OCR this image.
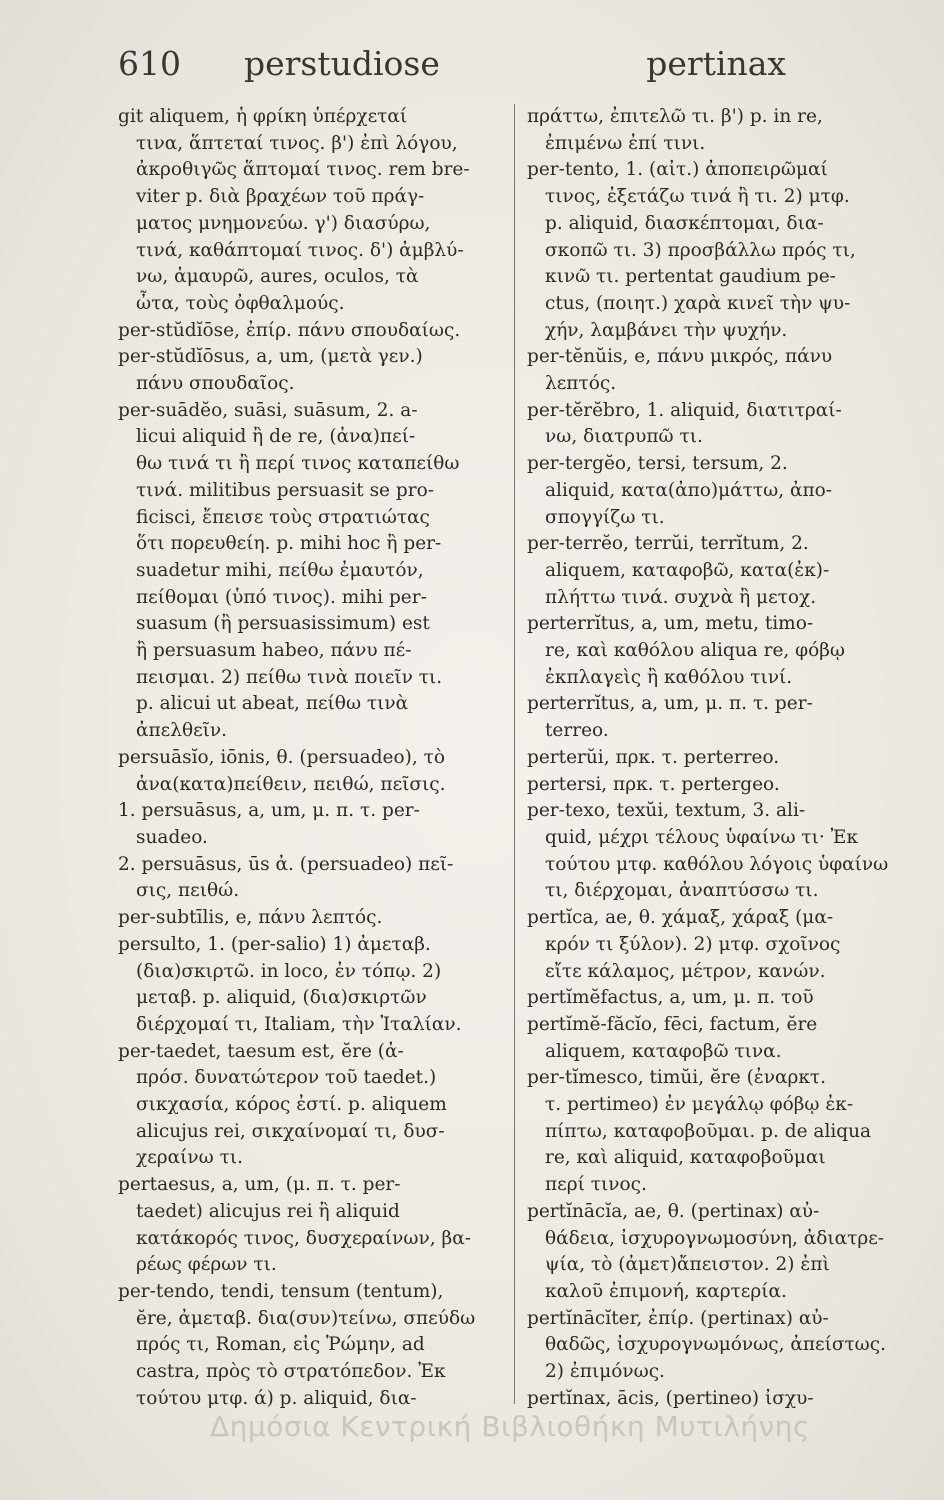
610 perstudiose	pertinax
git aliquem, ἡ φρίκη ὑπέρχεταί
τινα, ἅπτεταί τινος. β') ἐπὶ λόγου,
ἀκροθιγῶς ἅπτομαί τινος. rem bre-
viter p. διὰ βραχέων τοῦ πράγ-
ματος μνημονεύω. γ') διασύρω,
τινά, καθάπτομαί τινος. δ') ἀμβλύ-
νω, ἀμαυρῶ, aures, oculos, τὰ
ὦτα, τοὺς ὀφθαλμούς.
per-stŭdĭōse, ἐπίρ. πάνυ σπουδαίως.
per-stŭdĭōsus, a, um, (μετὰ γεν.)
πάνυ σπουδαῖος.
per-suādĕo, suāsi, suāsum, 2. a-
licui aliquid ἢ de re, (ἀνα)πεί-
θω τινά τι ἢ περί τινος καταπείθω
τινά. militibus persuasit se pro-
ficisci, ἔπεισε τοὺς στρατιώτας
ὅτι πορευθείη. p. mihi hoc ἢ per-
suadetur mihi, πείθω ἐμαυτόν,
πείθομαι (ὑπό τινος). mihi per-
suasum (ἢ persuasissimum) est
ἢ persuasum habeo, πάνυ πέ-
πεισμαι. 2) πείθω τινὰ ποιεῖν τι.
p. alicui ut abeat, πείθω τινὰ
ἀπελθεῖν.
persuāsĭo, iōnis, θ. (persuadeo), τὸ
ἀνα(κατα)πείθειν, πειθώ, πεῖσις.
1. persuāsus, a, um, μ. π. τ. per-
suadeo.
2. persuāsus, ūs ἀ. (persuadeo) πεῖ-
σις, πειθώ.
per-subtīlis, e, πάνυ λεπτός.
persulto, 1. (per-salio) 1) ἀμεταβ.
(δια)σκιρτῶ. in loco, ἐν τόπῳ. 2)
μεταβ. p. aliquid, (δια)σκιρτῶν
διέρχομαί τι, Italiam, τὴν Ἰταλίαν.
per-taedet, taesum est, ĕre (ἀ-
πρόσ. δυνατώτερον τοῦ taedet.)
σικχασία, κόρος ἐστί. p. aliquem
alicujus rei, σικχαίνομαί τι, δυσ-
χεραίνω τι.
pertaesus, a, um, (μ. π. τ. per-
taedet) alicujus rei ἢ aliquid
κατάκορός τινος, δυσχεραίνων, βα-
ρέως φέρων τι.
per-tendo, tendi, tensum (tentum),
ĕre, ἀμεταβ. δια(συν)τείνω, σπεύδω
πρός τι, Roman, εἰς Ῥώμην, ad
castra, πρὸς τὸ στρατόπεδον. Ἐκ
τούτου μτφ. ά) p. aliquid, δια-
πράττω, ἐπιτελῶ τι. β') p. in re,
ἐπιμένω ἐπί τινι.
per-tento, 1. (αἰτ.) ἀποπειρῶμαί
τινος, ἐξετάζω τινά ἢ τι. 2) μτφ.
p. aliquid, διασκέπτομαι, δια-
σκοπῶ τι. 3) προσβάλλω πρός τι,
κινῶ τι. pertentat gaudium pe-
ctus, (ποιητ.) χαρὰ κινεῖ τὴν ψυ-
χήν, λαμβάνει τὴν ψυχήν.
per-tĕnŭis, e, πάνυ μικρός, πάνυ
λεπτός.
per-tĕrĕbro, 1. aliquid, διατιτραί-
νω, διατρυπῶ τι.
per-tergĕo, tersi, tersum, 2.
aliquid, κατα(ἀπο)μάττω, ἀπο-
σπογγίζω τι.
per-terrĕo, terrŭi, terrĭtum, 2.
aliquem, καταφοβῶ, κατα(ἐκ)-
πλήττω τινά. συχνὰ ἢ μετοχ.
perterrĭtus, a, um, metu, timo-
re, καὶ καθόλου aliqua re, φόβῳ
ἐκπλαγεὶς ἢ καθόλου τινί.
perterrĭtus, a, um, μ. π. τ. per-
terreo.
perterŭi, πρκ. τ. perterreo.
pertersi, πρκ. τ. pertergeo.
per-texo, texŭi, textum, 3. ali-
quid, μέχρι τέλους ὑφαίνω τι· Ἐκ
τούτου μτφ. καθόλου λόγοις ὑφαίνω
τι, διέρχομαι, ἀναπτύσσω τι.
pertĭca, ae, θ. χάμαξ, χάραξ (μα-
κρόν τι ξύλον). 2) μτφ. σχοῖνος
εἴτε κάλαμος, μέτρον, κανών.
pertĭmĕfactus, a, um, μ. π. τοῦ
pertĭmĕ-făcĭo, fēci, factum, ĕre
aliquem, καταφοβῶ τινα.
per-tĭmesco, timŭi, ĕre (ἐναρκτ.
τ. pertimeo) ἐν μεγάλῳ φόβῳ ἐκ-
πίπτω, καταφοβοῦμαι. p. de aliqua
re, καὶ aliquid, καταφοβοῦμαι
περί τινος.
pertĭnācĭa, ae, θ. (pertinax) αὐ-
θάδεια, ἰσχυρογνωμοσύνη, ἀδιατρε-
ψία, τὸ (ἀμετ)ἄπειστον. 2) ἐπὶ
καλοῦ ἐπιμονή, καρτερία.
pertĭnācĭter, ἐπίρ. (pertinax) αὐ-
θαδῶς, ἰσχυρογνωμόνως, ἀπείστως.
2) ἐπιμόνως.
pertĭnax, ācis, (pertineo) ἰσχυ-
Δημόσια Κεντρική Βιβλιοθήκη Μυτιλήνης
